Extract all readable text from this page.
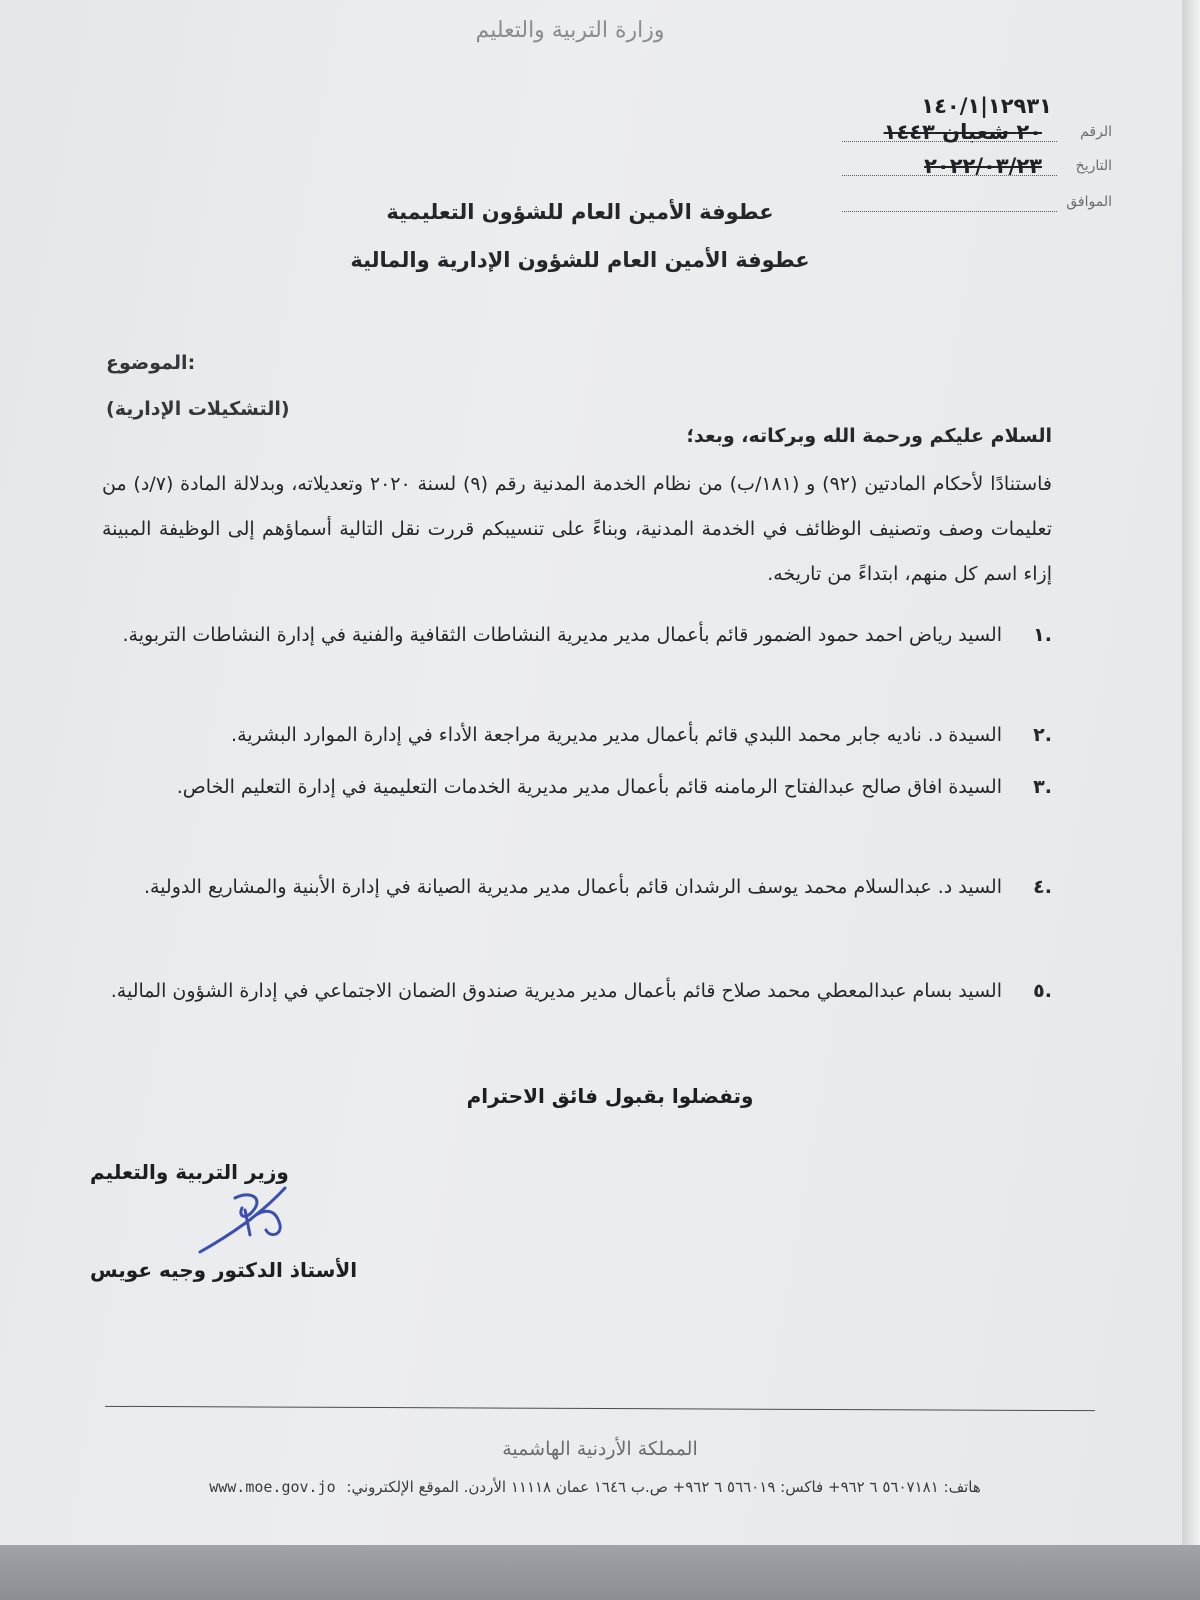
وزارة التربية والتعليم
١٢٩٣١|١٤٠/١
الرقم
٢٠ شعبان ١٤٤٣
التاريخ
٢٠٢٢/٠٣/٢٣
الموافق
عطوفة الأمين العام للشؤون التعليمية
عطوفة الأمين العام للشؤون الإدارية والمالية
الموضوع:
(التشكيلات الإدارية)
السلام عليكم ورحمة الله وبركاته، وبعد؛
فاستنادًا لأحكام المادتين (٩٢) و (١٨١/ب) من نظام الخدمة المدنية رقم (٩) لسنة ٢٠٢٠ وتعديلاته، وبدلالة المادة (٧/د) من تعليمات وصف وتصنيف الوظائف في الخدمة المدنية، وبناءً على تنسيبكم قررت نقل التالية أسماؤهم إلى الوظيفة المبينة إزاء اسم كل منهم، ابتداءً من تاريخه.
.١
السيد رياض احمد حمود الضمور قائم بأعمال مدير مديرية النشاطات الثقافية والفنية في إدارة النشاطات التربوية.
.٢
السيدة د. ناديه جابر محمد اللبدي قائم بأعمال مدير مديرية مراجعة الأداء في إدارة الموارد البشرية.
.٣
السيدة افاق صالح عبدالفتاح الرمامنه قائم بأعمال مدير مديرية الخدمات التعليمية في إدارة التعليم الخاص.
.٤
السيد د. عبدالسلام محمد يوسف الرشدان قائم بأعمال مدير مديرية الصيانة في إدارة الأبنية والمشاريع الدولية.
.٥
السيد بسام عبدالمعطي محمد صلاح قائم بأعمال مدير مديرية صندوق الضمان الاجتماعي في إدارة الشؤون المالية.
وتفضلوا بقبول فائق الاحترام
وزير التربية والتعليم
الأستاذ الدكتور وجيه عويس
المملكة الأردنية الهاشمية
هاتف: ٥٦٠٧١٨١ ٦ ٩٦٢+ فاكس: ٥٦٦٠١٩ ٦ ٩٦٢+ ص.ب ١٦٤٦ عمان ١١١١٨ الأردن. الموقع الإلكتروني: www.moe.gov.jo
